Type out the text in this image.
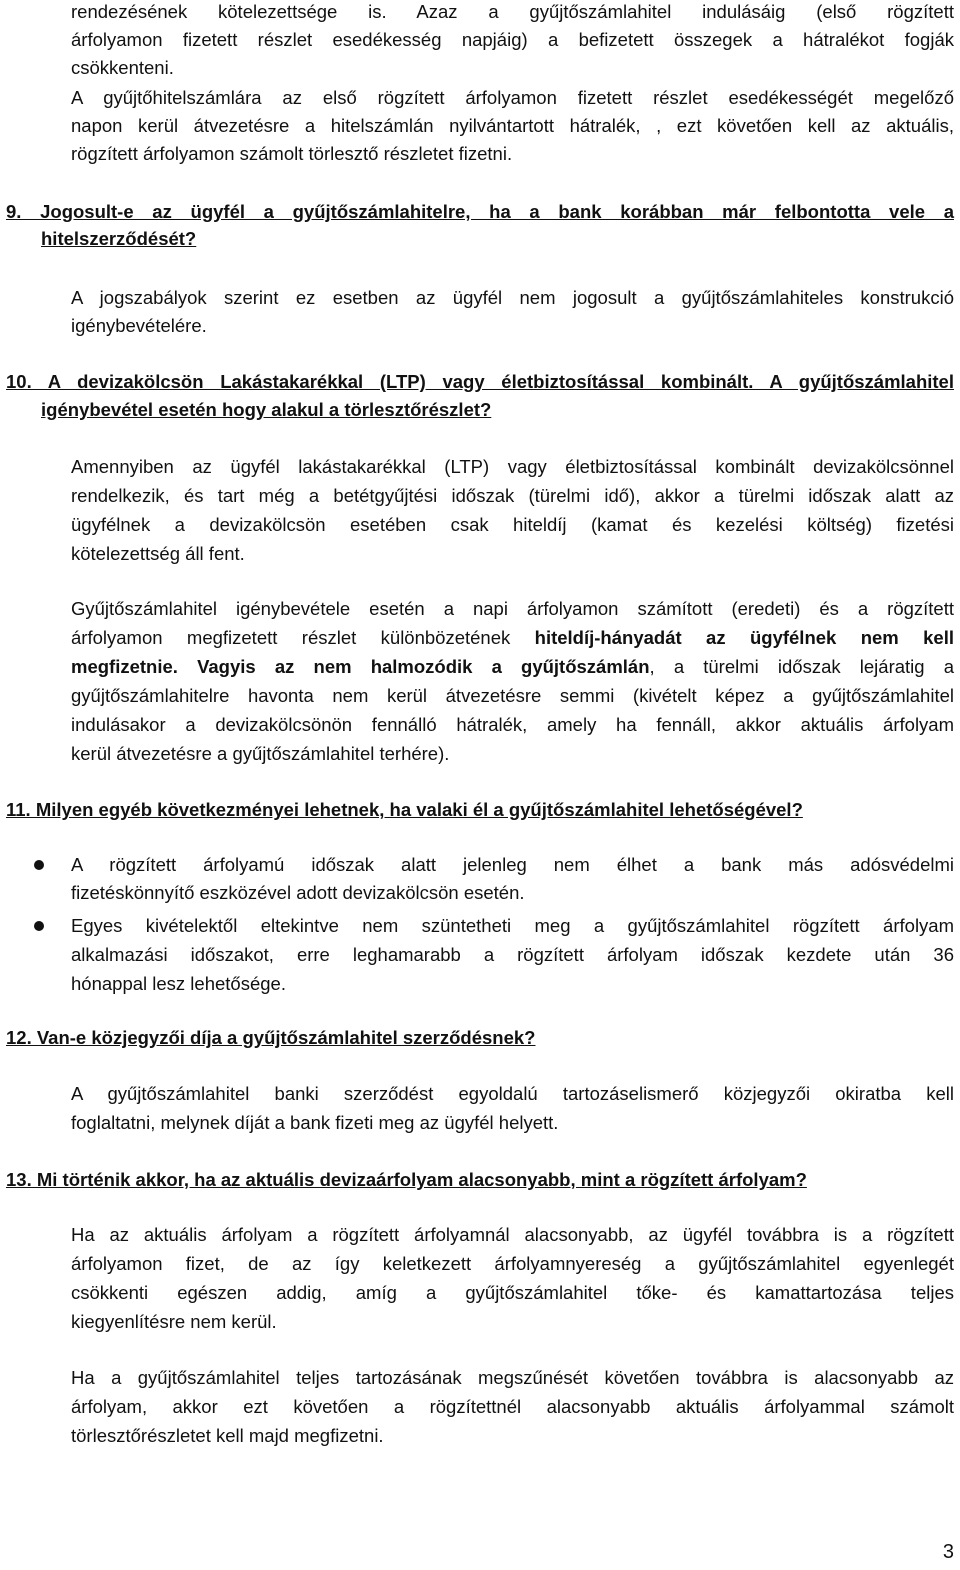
rendezésének kötelezettsége is. Azaz a gyűjtőszámlahitel indulásáig (első rögzített
árfolyamon fizetett részlet esedékesség napjáig) a befizetett összegek a hátralékot fogják
csökkenteni.
A gyűjtőhitelszámlára az első rögzített árfolyamon fizetett részlet esedékességét megelőző
napon kerül átvezetésre a hitelszámlán nyilvántartott hátralék, , ezt követően kell az aktuális,
rögzített árfolyamon számolt törlesztő részletet fizetni.
9. Jogosult-e az ügyfél a gyűjtőszámlahitelre, ha a bank korábban már felbontotta vele a
hitelszerződését?
A jogszabályok szerint ez esetben az ügyfél nem jogosult a gyűjtőszámlahiteles konstrukció
igénybevételére.
10. A devizakölcsön Lakástakarékkal (LTP) vagy életbiztosítással kombinált. A gyűjtőszámlahitel
igénybevétel esetén hogy alakul a törlesztőrészlet?
Amennyiben az ügyfél lakástakarékkal (LTP) vagy életbiztosítással kombinált devizakölcsönnel
rendelkezik, és tart még a betétgyűjtési időszak (türelmi idő), akkor a türelmi időszak alatt az
ügyfélnek a devizakölcsön esetében csak hiteldíj (kamat és kezelési költség) fizetési
kötelezettség áll fent.
Gyűjtőszámlahitel igénybevétele esetén a napi árfolyamon számított (eredeti) és a rögzített
árfolyamon megfizetett részlet különbözetének hiteldíj-hányadát az ügyfélnek nem kell
megfizetnie. Vagyis az nem halmozódik a gyűjtőszámlán, a türelmi időszak lejáratig a
gyűjtőszámlahitelre havonta nem kerül átvezetésre semmi (kivételt képez a gyűjtőszámlahitel
indulásakor a devizakölcsönön fennálló hátralék, amely ha fennáll, akkor aktuális árfolyam
kerül átvezetésre a gyűjtőszámlahitel terhére).
11. Milyen egyéb következményei lehetnek, ha valaki él a gyűjtőszámlahitel lehetőségével?
A rögzített árfolyamú időszak alatt jelenleg nem élhet a bank más adósvédelmi
fizetéskönnyítő eszközével adott devizakölcsön esetén.
Egyes kivételektől eltekintve nem szüntetheti meg a gyűjtőszámlahitel rögzített árfolyam
alkalmazási időszakot, erre leghamarabb a rögzített árfolyam időszak kezdete után 36
hónappal lesz lehetősége.
12. Van-e közjegyzői díja a gyűjtőszámlahitel szerződésnek?
A gyűjtőszámlahitel banki szerződést egyoldalú tartozáselismerő közjegyzői okiratba kell
foglaltatni, melynek díját a bank fizeti meg az ügyfél helyett.
13. Mi történik akkor, ha az aktuális devizaárfolyam alacsonyabb, mint a rögzített árfolyam?
Ha az aktuális árfolyam a rögzített árfolyamnál alacsonyabb, az ügyfél továbbra is a rögzített
árfolyamon fizet, de az így keletkezett árfolyamnyereség a gyűjtőszámlahitel egyenlegét
csökkenti egészen addig, amíg a gyűjtőszámlahitel tőke- és kamattartozása teljes
kiegyenlítésre nem kerül.
Ha a gyűjtőszámlahitel teljes tartozásának megszűnését követően továbbra is alacsonyabb az
árfolyam, akkor ezt követően a rögzítettnél alacsonyabb aktuális árfolyammal számolt
törlesztőrészletet kell majd megfizetni.
3
